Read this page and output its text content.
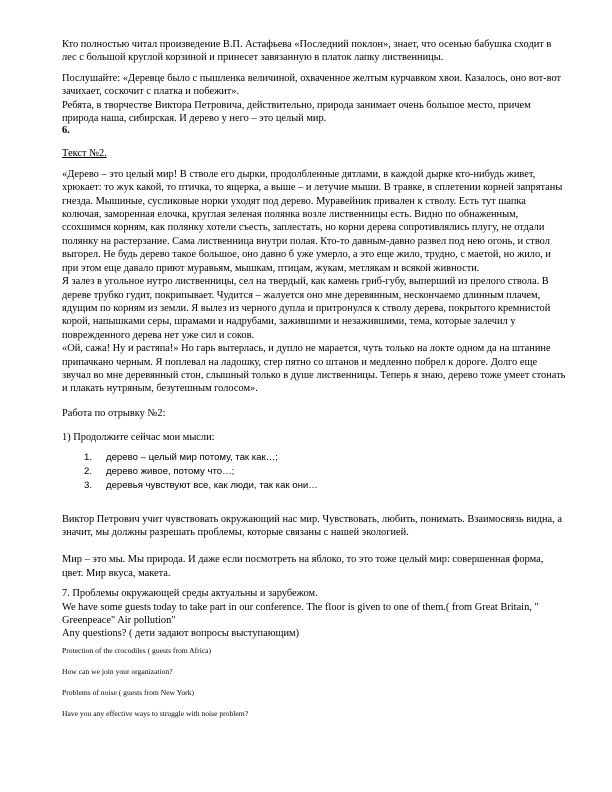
Кто полностью читал произведение В.П. Астафьева «Последний поклон», знает, что осенью бабушка сходит в лес с большой круглой корзиной и принесет завязанную в платок лапку лиственницы.

Послушайте: «Деревце было с пышленка величиной, охваченное желтым курчавком хвои. Казалось, оно вот-вот зачихает, соскочит с платка и побежит».

Ребята, в творчестве Виктора Петровича, действительно, природа занимает очень большое место, причем природа наша, сибирская. И дерево у него – это целый мир.

6.

Текст №2.

«Дерево – это целый мир! В стволе его дырки, продолбленные дятлами, в каждой дырке кто-нибудь живет, хрюкает: то жук какой, то птичка, то ящерка, а выше – и летучие мыши. В травке, в сплетении корней запрятаны гнезда. Мышиные, сусликовые норки уходят под дерево. Муравейник привален к стволу. Есть тут шапка колючая, заморенная елочка, круглая зеленая полянка возле лиственницы есть. Видно по обнаженным, ссохшимся корням, как полянку хотели съесть, заплестать, но корни дерева сопротивлялись плугу, не отдали полянку на растерзание. Сама лиственница внутри полая. Кто-то давным-давно развел под нею огонь, и ствол выгорел. Не будь дерево такое большое, оно давно б уже умерло, а это еще жило, трудно, с маетой, но жило, и при этом еще давало приют муравьям, мышкам, птицам, жукам, метлякам и всякой живности.

Я залез в угольное нутро лиственницы, сел на твердый, как камень гриб-губу, выперший из прелого ствола. В дереве трубко гудит, покрипывает. Чудится – жалуется оно мне деревянным, нескончаемо длинным плачем, ядущим по корням из земли. Я вылез из черного дупла и притронулся к стволу дерева, покрытого кремнистой корой, напышками серы, шрамами и надрубами, зажившими и незажившими, тема, которые залечил у поврежденного дерева нет уже сил и соков.

«Ой, сажа! Ну и растяпа!» Но гарь вытерлась, и дупло не марается, чуть только на локте одном да на штанине припачкано черным. Я поплевал на ладошку, стер пятно со штанов и медленно побрел к дороге. Долго еще звучал во мне деревянный стон, слышный только в душе лиственницы. Теперь я знаю, дерево тоже умеет стонать и плакать нутряным, безутешным голосом».

Работа по отрывку №2:

1) Продолжите сейчас мои мысли:

1. дерево – целый мир потому, так как…;
2. дерево живое, потому что…;
3. деревья чувствуют все, как люди, так как они…

Виктор Петрович учит чувствовать окружающий нас мир. Чувствовать, любить, понимать. Взаимосвязь видна, а значит, мы должны разрешать проблемы, которые связаны с нашей экологией.

Мир – это мы. Мы природа. И даже если посмотреть на яблоко, то это тоже целый мир: совершенная форма, цвет. Мир вкуса, макета.

7. Проблемы окружающей среды актуальны и зарубежом.

We have some guests today to take part in our conference. The floor is given to one of them.( from Great Britain, " Greenpeace" Air pollution"

Any questions? ( дети задают вопросы выступающим)

Protection of the crocodiles ( guests from Africa)

How can we join your organization?

Problems of noise ( guests from New York)

Have you any effective ways to struggle with noise problem?
